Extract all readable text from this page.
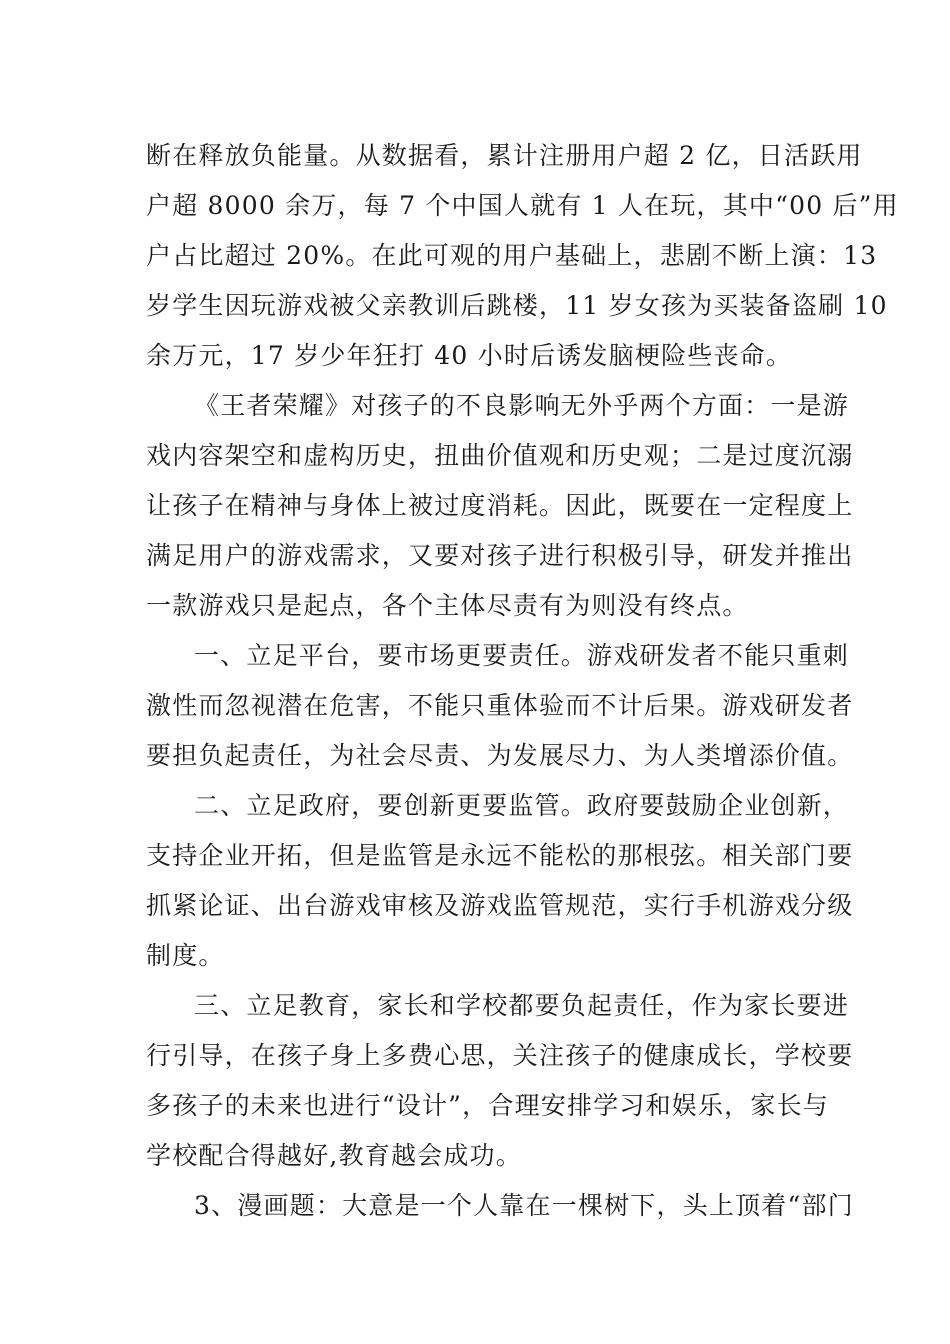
断在释放负能量。从数据看，累计注册用户超 2 亿，日活跃用
户超 8000 余万，每 7 个中国人就有 1 人在玩，其中“00 后”用
户占比超过 20%。在此可观的用户基础上，悲剧不断上演：13
岁学生因玩游戏被父亲教训后跳楼，11 岁女孩为买装备盗刷 10
余万元，17 岁少年狂打 40 小时后诱发脑梗险些丧命。
《王者荣耀》对孩子的不良影响无外乎两个方面：一是游
戏内容架空和虚构历史，扭曲价值观和历史观；二是过度沉溺
让孩子在精神与身体上被过度消耗。因此，既要在一定程度上
满足用户的游戏需求，又要对孩子进行积极引导，研发并推出
一款游戏只是起点，各个主体尽责有为则没有终点。
一、立足平台，要市场更要责任。游戏研发者不能只重刺
激性而忽视潜在危害，不能只重体验而不计后果。游戏研发者
要担负起责任，为社会尽责、为发展尽力、为人类增添价值。
二、立足政府，要创新更要监管。政府要鼓励企业创新，
支持企业开拓，但是监管是永远不能松的那根弦。相关部门要
抓紧论证、出台游戏审核及游戏监管规范，实行手机游戏分级
制度。
三、立足教育，家长和学校都要负起责任，作为家长要进
行引导，在孩子身上多费心思，关注孩子的健康成长，学校要
多孩子的未来也进行“设计”，合理安排学习和娱乐，家长与
学校配合得越好,教育越会成功。
3、漫画题：大意是一个人靠在一棵树下，头上顶着“部门
